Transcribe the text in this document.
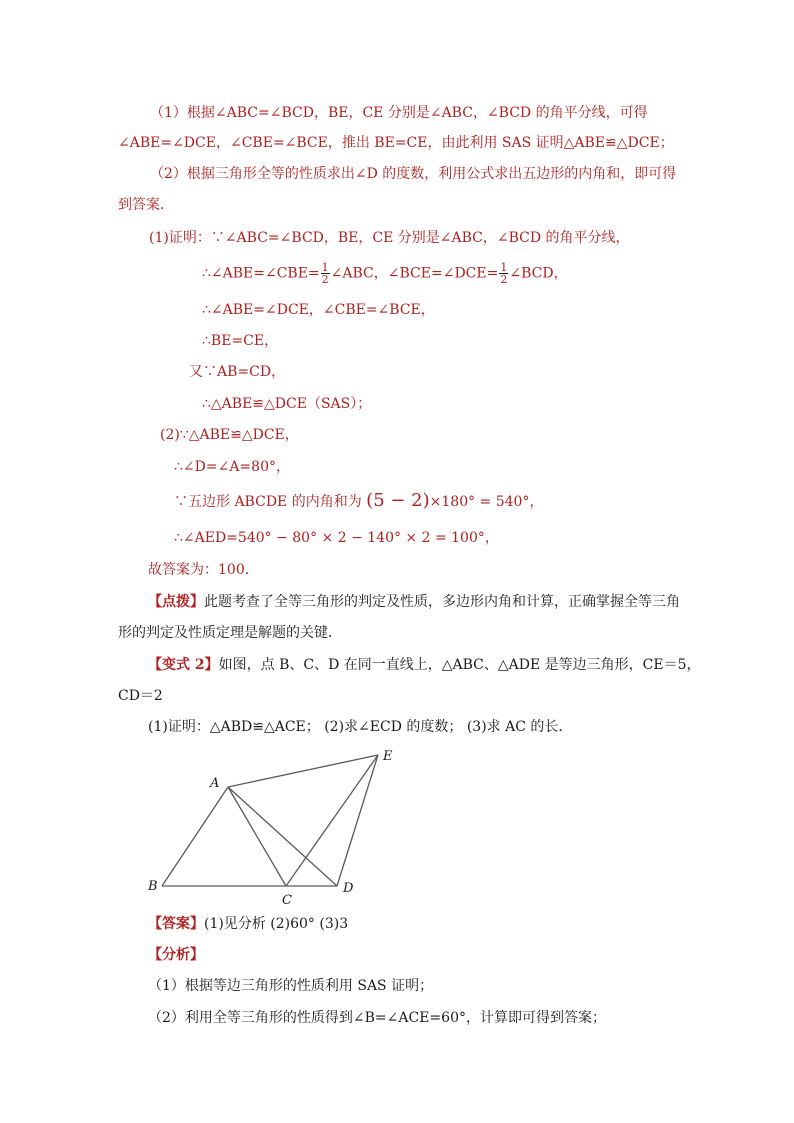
（1）根据∠ABC=∠BCD，BE，CE 分别是∠ABC，∠BCD 的角平分线，可得
∠ABE=∠DCE，∠CBE=∠BCE，推出 BE=CE，由此利用 SAS 证明△ABE≌△DCE；
（2）根据三角形全等的性质求出∠D 的度数，利用公式求出五边形的内角和，即可得
到答案．
(1)证明：∵∠ABC=∠BCD，BE，CE 分别是∠ABC，∠BCD 的角平分线，
∴∠ABE=∠CBE= $\frac{1}{2}$ ∠ABC，∠BCE=∠DCE= $\frac{1}{2}$ ∠BCD，
∴∠ABE=∠DCE，∠CBE=∠BCE，
∴BE=CE，
又∵AB=CD，
∴△ABE≌△DCE（SAS）；
(2)∵△ABE≌△DCE，
∴∠D=∠A=80°，
∵五边形 ABCDE 的内角和为 (5 − 2)×180° = 540°，
∴∠AED=540° − 80° × 2 − 140° × 2 = 100°，
故答案为：100．
【点拨】此题考查了全等三角形的判定及性质，多边形内角和计算，正确掌握全等三角
形的判定及性质定理是解题的关键．
【变式 2】如图，点 B、C、D 在同一直线上，△ABC、△ADE 是等边三角形，CE＝5，
CD＝2
(1)证明：△ABD≌△ACE； (2)求∠ECD 的度数； (3)求 AC 的长．
A
B
C
D
E
【答案】(1)见分析 (2)60° (3)3
【分析】
（1）根据等边三角形的性质利用 SAS 证明；
（2）利用全等三角形的性质得到∠B=∠ACE=60°，计算即可得到答案；
